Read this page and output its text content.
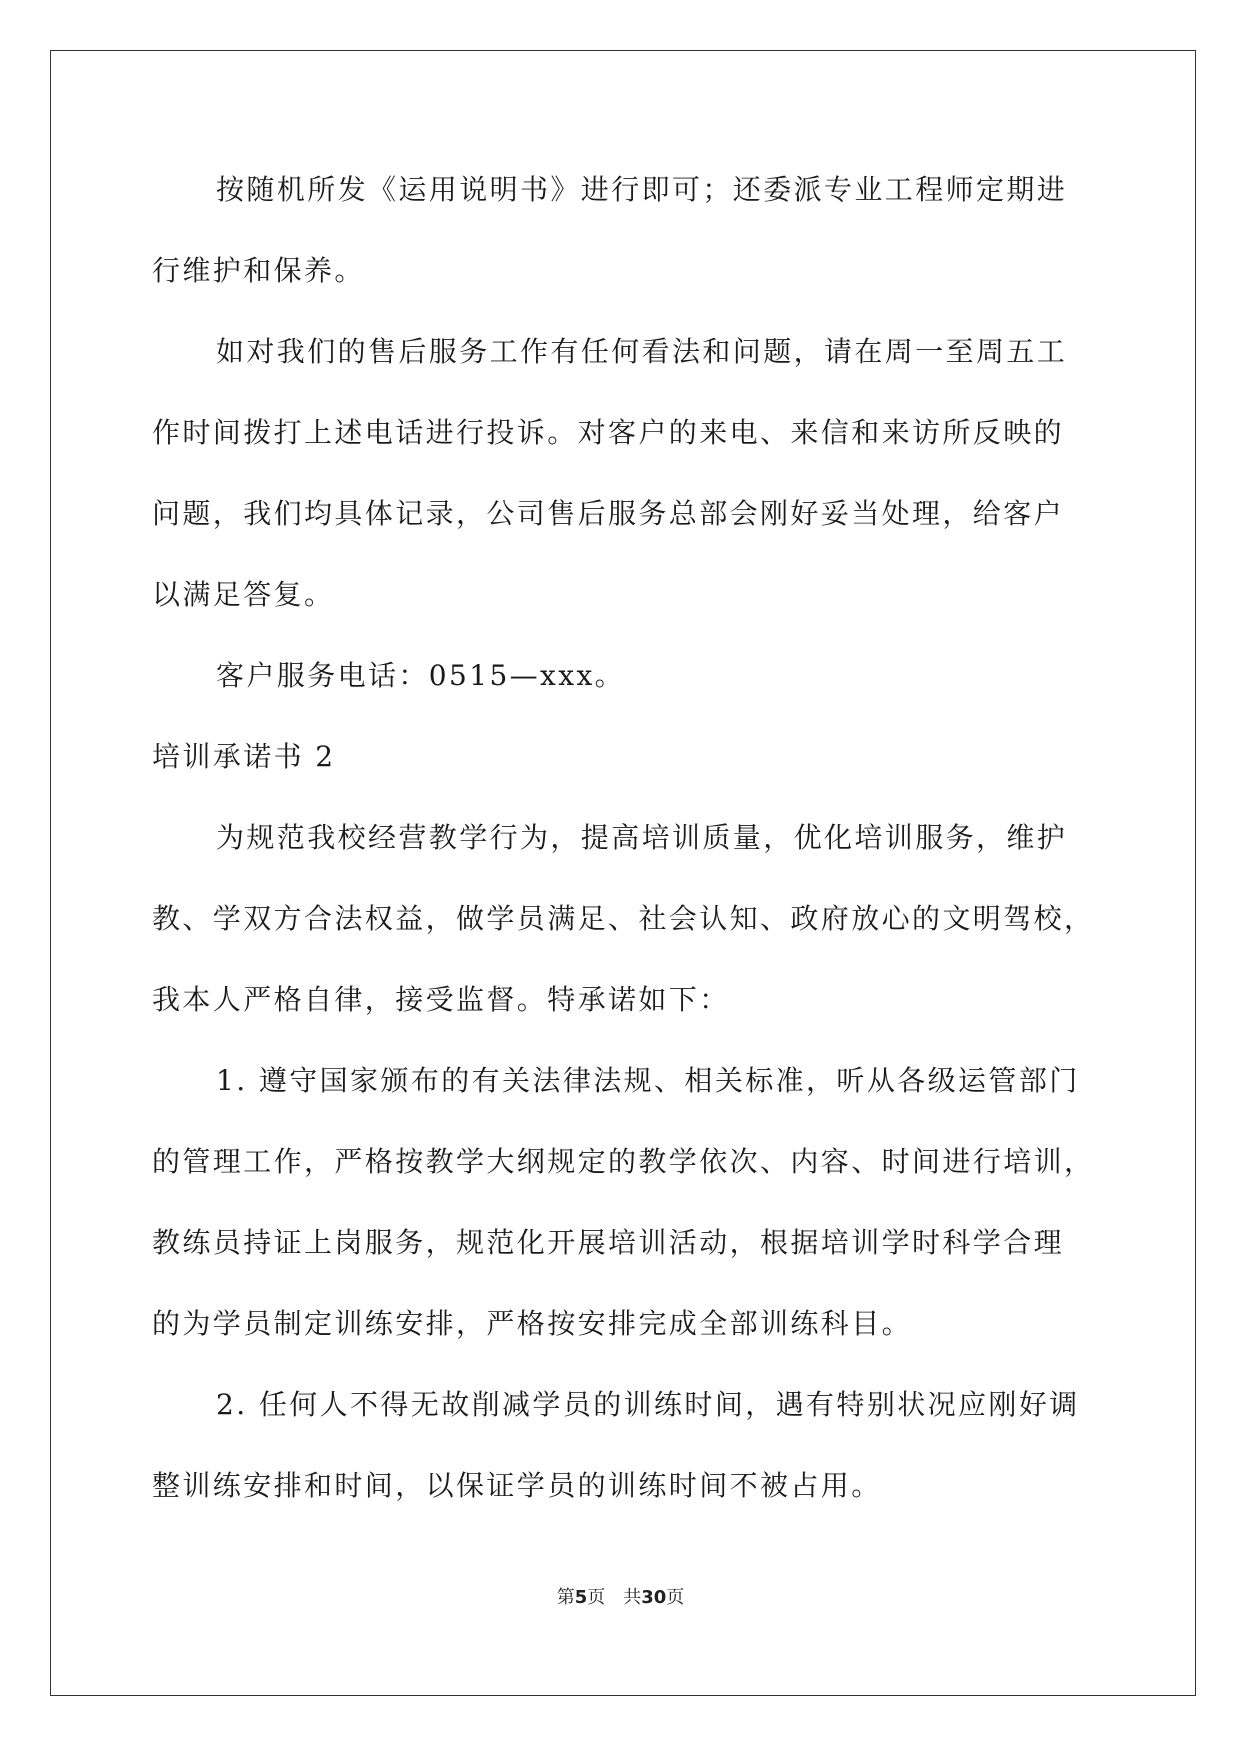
按随机所发《运用说明书》进行即可；还委派专业工程师定期进
行维护和保养。
如对我们的售后服务工作有任何看法和问题，请在周一至周五工
作时间拨打上述电话进行投诉。对客户的来电、来信和来访所反映的
问题，我们均具体记录，公司售后服务总部会刚好妥当处理，给客户
以满足答复。
客户服务电话：0515—xxx。
培训承诺书 2
为规范我校经营教学行为，提高培训质量，优化培训服务，维护
教、学双方合法权益，做学员满足、社会认知、政府放心的文明驾校，
我本人严格自律，接受监督。特承诺如下：
1. 遵守国家颁布的有关法律法规、相关标准，听从各级运管部门
的管理工作，严格按教学大纲规定的教学依次、内容、时间进行培训，
教练员持证上岗服务，规范化开展培训活动，根据培训学时科学合理
的为学员制定训练安排，严格按安排完成全部训练科目。
2. 任何人不得无故削减学员的训练时间，遇有特别状况应刚好调
整训练安排和时间，以保证学员的训练时间不被占用。
第5页 共30页
